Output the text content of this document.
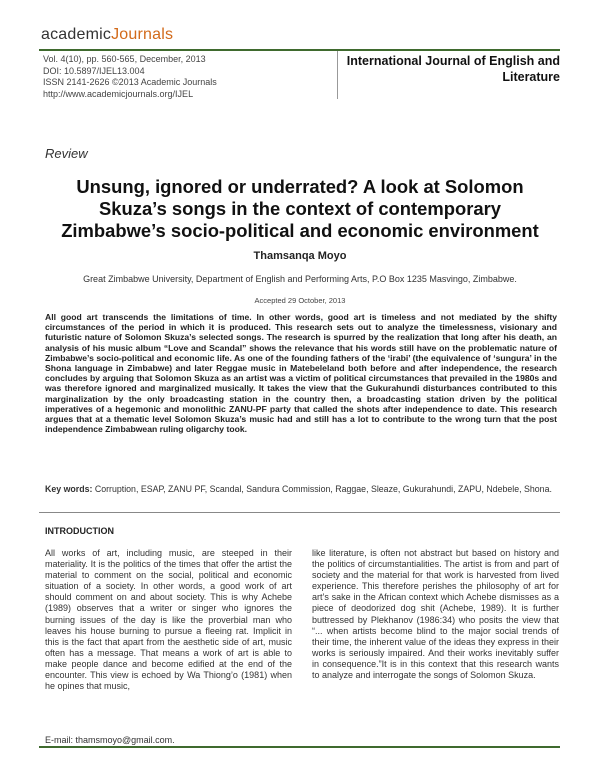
academicJournals
Vol. 4(10), pp. 560-565, December, 2013
DOI: 10.5897/IJEL13.004
ISSN 2141-2626 ©2013 Academic Journals
http://www.academicjournals.org/IJEL
International Journal of English and
Literature
Review
Unsung, ignored or underrated? A look at Solomon
Skuza’s songs in the context of contemporary
Zimbabwe’s socio-political and economic environment
Thamsanqa Moyo
Great Zimbabwe University, Department of English and Performing Arts, P.O Box 1235 Masvingo, Zimbabwe.
Accepted 29 October, 2013
All good art transcends the limitations of time. In other words, good art is timeless and not mediated by the shifty circumstances of the period in which it is produced. This research sets out to analyze the timelessness, visionary and futuristic nature of Solomon Skuza’s selected songs. The research is spurred by the realization that long after his death, an analysis of his music album “Love and Scandal” shows the relevance that his words still have on the problematic nature of Zimbabwe’s socio-political and economic life. As one of the founding fathers of the ‘irabi’ (the equivalence of ‘sungura’ in the Shona language in Zimbabwe) and later Reggae music in Matebeleland both before and after independence, the research concludes by arguing that Solomon Skuza as an artist was a victim of political circumstances that prevailed in the 1980s and was therefore ignored and marginalized musically. It takes the view that the Gukurahundi disturbances contributed to this marginalization by the only broadcasting station in the country then, a broadcasting station driven by the political imperatives of a hegemonic and monolithic ZANU-PF party that called the shots after independence to date. This research argues that at a thematic level Solomon Skuza’s music had and still has a lot to contribute to the wrong turn that the post independence Zimbabwean ruling oligarchy took.
Key words: Corruption, ESAP, ZANU PF, Scandal, Sandura Commission, Raggae, Sleaze, Gukurahundi, ZAPU, Ndebele, Shona.
INTRODUCTION
All works of art, including music, are steeped in their materiality. It is the politics of the times that offer the artist the material to comment on the social, political and economic situation of a society. In other words, a good work of art should comment on and about society. This is why Achebe (1989) observes that a writer or singer who ignores the burning issues of the day is like the proverbial man who leaves his house burning to pursue a fleeing rat. Implicit in this is the fact that apart from the aesthetic side of art, music often has a message. That means a work of art is able to make people dance and become edified at the end of the encounter. This view is echoed by Wa Thiong’o (1981) when he opines that music,
like literature, is often not abstract but based on history and the politics of circumstantialities. The artist is from and part of society and the material for that work is harvested from lived experience. This therefore perishes the philosophy of art for art’s sake in the African context which Achebe dismisses as a piece of deodorized dog shit (Achebe, 1989). It is further buttressed by Plekhanov (1986:34) who posits the view that “... when artists become blind to the major social trends of their time, the inherent value of the ideas they express in their works is seriously impaired. And their works inevitably suffer in consequence.”It is in this context that this research wants to analyze and interrogate the songs of Solomon Skuza.
E-mail: thamsmoyo@gmail.com.
